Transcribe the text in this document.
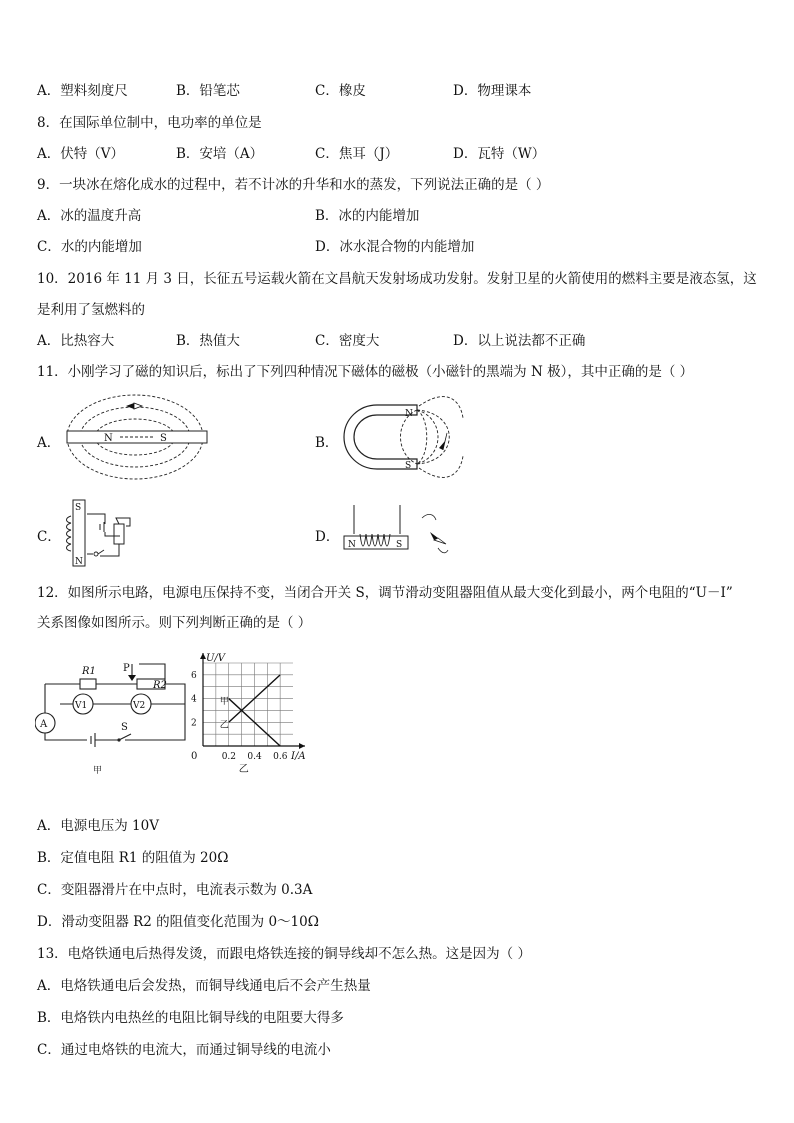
A．塑料刻度尺	B．铅笔芯	C．橡皮	D．物理课本
8．在国际单位制中，电功率的单位是
A．伏特（V）	B．安培（A）	C．焦耳（J）	D．瓦特（W）
9．一块冰在熔化成水的过程中，若不计冰的升华和水的蒸发，下列说法正确的是（ ）
A．冰的温度升高	B．冰的内能增加
C．水的内能增加	D．冰水混合物的内能增加
10．2016 年 11 月 3 日，长征五号运载火箭在文昌航天发射场成功发射。发射卫星的火箭使用的燃料主要是液态氢，这
是利用了氢燃料的
A．比热容大	B．热值大	C．密度大	D．以上说法都不正确
11．小刚学习了磁的知识后，标出了下列四种情况下磁体的磁极（小磁针的黑端为 N 极），其中正确的是（ ）
A．	N	S	B．
N
S
C．
S
N
D． N	S
12．如图所示电路，电源电压保持不变，当闭合开关 S，调节滑动变阻器阻值从最大变化到最小，两个电阻的“U－I”
关系图像如图所示。则下列判断正确的是（ ）
R1
R2
P
A
V1	V2
S
甲
0.2 0.4 0.6
2
4
6
甲
乙
U/V
I/A
0
乙
A．电源电压为 10V
B．定值电阻 R1 的阻值为 20Ω
C．变阻器滑片在中点时，电流表示数为 0.3A
D．滑动变阻器 R2 的阻值变化范围为 0～10Ω
13．电烙铁通电后热得发烫，而跟电烙铁连接的铜导线却不怎么热。这是因为（ ）
A．电烙铁通电后会发热，而铜导线通电后不会产生热量
B．电烙铁内电热丝的电阻比铜导线的电阻要大得多
C．通过电烙铁的电流大，而通过铜导线的电流小
